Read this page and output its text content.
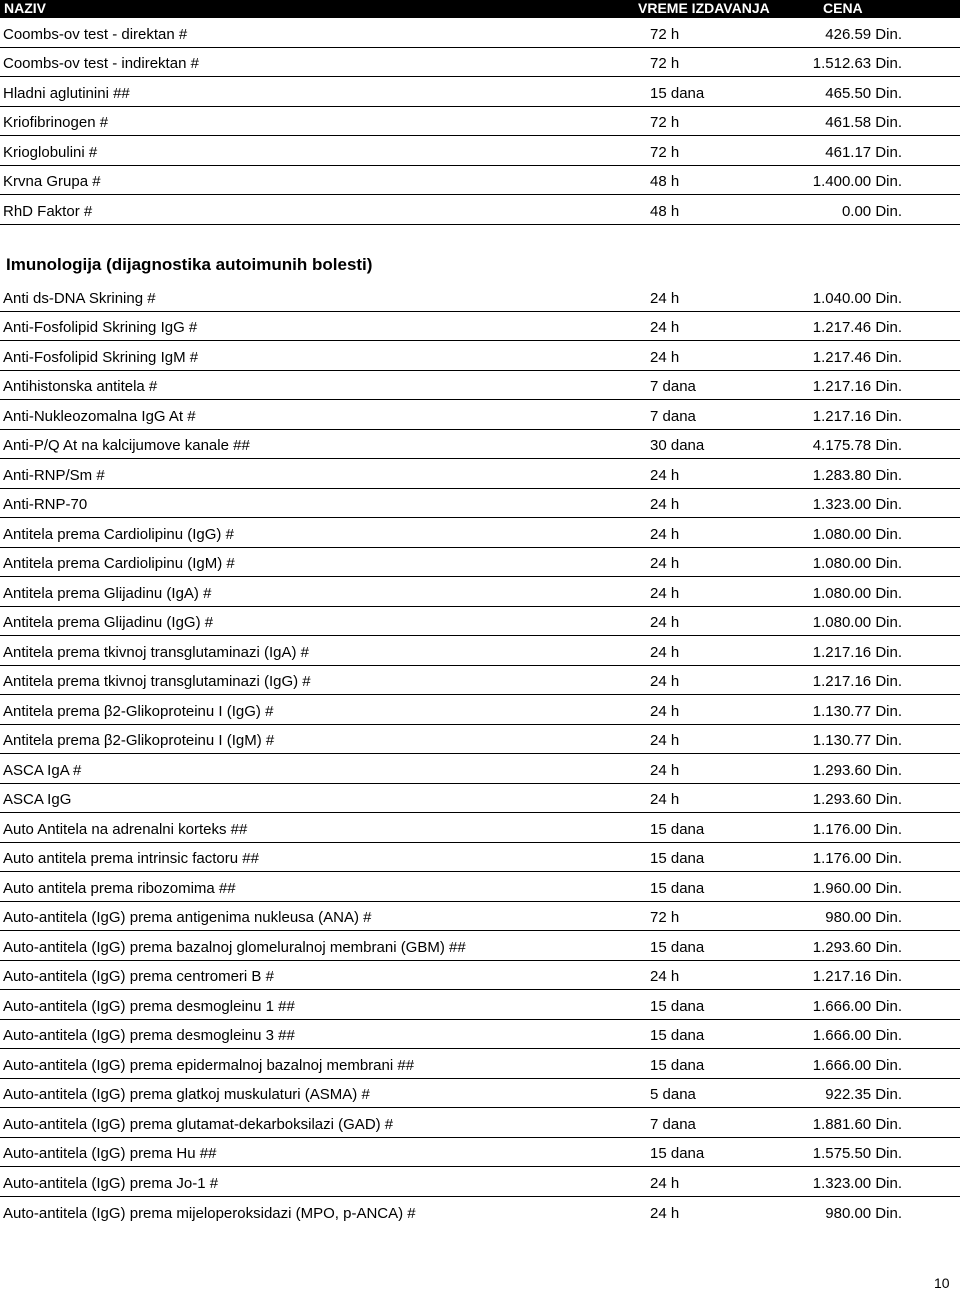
NAZIV	VREME IZDAVANJA	CENA
Coombs-ov test - direktan #	72 h	426.59 Din.
Coombs-ov test - indirektan #	72 h	1.512.63 Din.
Hladni aglutinini ##	15 dana	465.50 Din.
Kriofibrinogen #	72 h	461.58 Din.
Krioglobulini #	72 h	461.17 Din.
Krvna Grupa #	48 h	1.400.00 Din.
RhD Faktor #	48 h	0.00 Din.
Imunologija (dijagnostika autoimunih bolesti)
Anti ds-DNA Skrining #	24 h	1.040.00 Din.
Anti-Fosfolipid Skrining IgG #	24 h	1.217.46 Din.
Anti-Fosfolipid Skrining IgM #	24 h	1.217.46 Din.
Antihistonska antitela #	7 dana	1.217.16 Din.
Anti-Nukleozomalna IgG At #	7 dana	1.217.16 Din.
Anti-P/Q At na kalcijumove kanale ##	30 dana	4.175.78 Din.
Anti-RNP/Sm #	24 h	1.283.80 Din.
Anti-RNP-70	24 h	1.323.00 Din.
Antitela prema Cardiolipinu (IgG) #	24 h	1.080.00 Din.
Antitela prema Cardiolipinu (IgM) #	24 h	1.080.00 Din.
Antitela prema Glijadinu (IgA) #	24 h	1.080.00 Din.
Antitela prema Glijadinu (IgG) #	24 h	1.080.00 Din.
Antitela prema tkivnoj transglutaminazi (IgA) #	24 h	1.217.16 Din.
Antitela prema tkivnoj transglutaminazi (IgG) #	24 h	1.217.16 Din.
Antitela prema β2-Glikoproteinu I (IgG) #	24 h	1.130.77 Din.
Antitela prema β2-Glikoproteinu I (IgM) #	24 h	1.130.77 Din.
ASCA IgA #	24 h	1.293.60 Din.
ASCA IgG	24 h	1.293.60 Din.
Auto Antitela na adrenalni korteks ##	15 dana	1.176.00 Din.
Auto antitela prema intrinsic factoru ##	15 dana	1.176.00 Din.
Auto antitela prema ribozomima ##	15 dana	1.960.00 Din.
Auto-antitela (IgG) prema antigenima nukleusa (ANA) #	72 h	980.00 Din.
Auto-antitela (IgG) prema bazalnoj glomeluralnoj membrani (GBM) ##	15 dana	1.293.60 Din.
Auto-antitela (IgG) prema centromeri B #	24 h	1.217.16 Din.
Auto-antitela (IgG) prema desmogleinu 1 ##	15 dana	1.666.00 Din.
Auto-antitela (IgG) prema desmogleinu 3 ##	15 dana	1.666.00 Din.
Auto-antitela (IgG) prema epidermalnoj bazalnoj membrani ##	15 dana	1.666.00 Din.
Auto-antitela (IgG) prema glatkoj muskulaturi (ASMA) #	5 dana	922.35 Din.
Auto-antitela (IgG) prema glutamat-dekarboksilazi (GAD) #	7 dana	1.881.60 Din.
Auto-antitela (IgG) prema Hu ##	15 dana	1.575.50 Din.
Auto-antitela (IgG) prema Jo-1 #	24 h	1.323.00 Din.
Auto-antitela (IgG) prema mijeloperoksidazi (MPO, p-ANCA) #	24 h	980.00 Din.
10
